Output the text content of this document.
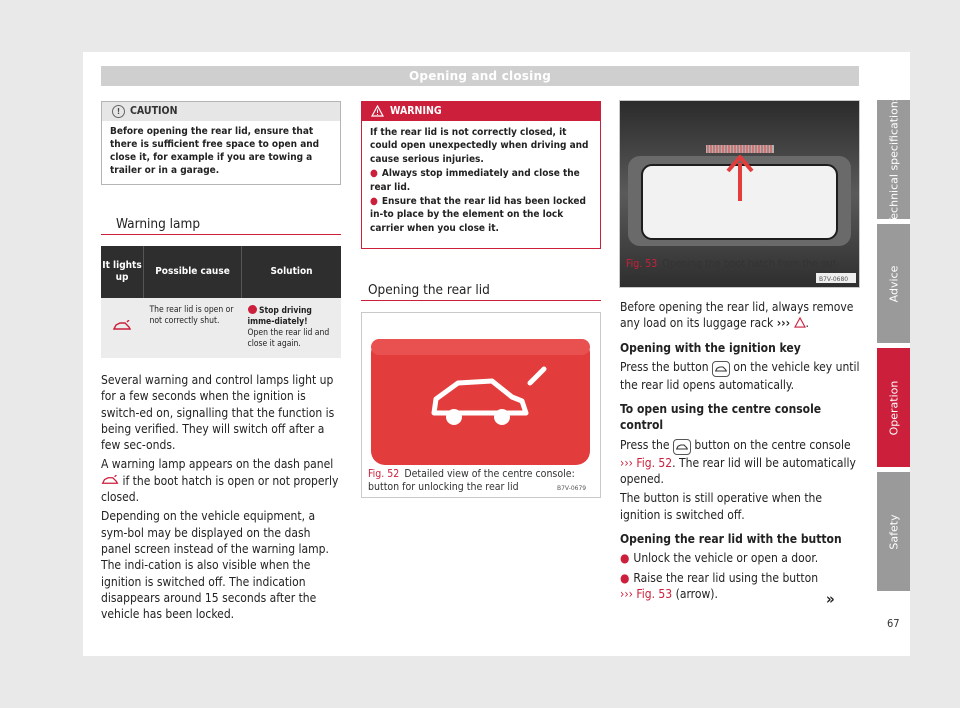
Opening and closing
! CAUTION
Before opening the rear lid, ensure that there is sufficient free space to open and close it, for example if you are towing a trailer or in a garage.
Warning lamp
It lights up	Possible cause	Solution
	The rear lid is open or not correctly shut.	Stop driving imme-diately!
Open the rear lid and close it again.

Several warning and control lamps light up for a few seconds when the ignition is switch-ed on, signalling that the function is being verified. They will switch off after a few sec-onds.

A warning lamp appears on the dash panel
if the boot hatch is open or not properly closed.

Depending on the vehicle equipment, a sym-bol may be displayed on the dash panel screen instead of the warning lamp. The indi-cation is also visible when the ignition is switched off. The indication disappears around 15 seconds after the vehicle has been locked.

WARNING

If the rear lid is not correctly closed, it could open unexpectedly when driving and cause serious injuries.

● Always stop immediately and close the rear lid.

● Ensure that the rear lid has been locked in-to place by the element on the lock carrier when you close it.

Opening the rear lid
B7V-0679
Fig. 52 Detailed view of the centre console: button for unlocking the rear lid
B7V-0680
Fig. 53 Opening the boot hatch from the out-side

Before opening the rear lid, always remove any load on its luggage rack ››› .

Opening with the ignition key

Press the button on the vehicle key until the rear lid opens automatically.

To open using the centre console control

Press the button on the centre console ››› Fig. 52. The rear lid will be automatically opened.

The button is still operative when the ignition is switched off.

Opening the rear lid with the button

● Unlock the vehicle or open a door.

● Raise the rear lid using the button
››› Fig. 53 (arrow).	»
Technical specifications
Advice
Operation
Safety
67
